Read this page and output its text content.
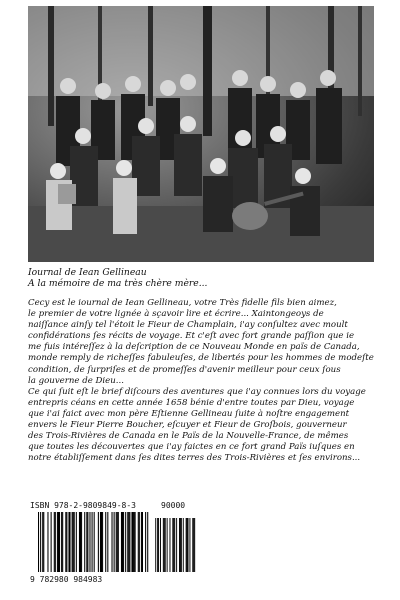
Iournal de Iean Gellineau
A la mémoire de ma très chère mère...

Cecy est le iournal de Iean Gellineau, votre Très fidelle fils bien aimez,
le premier de votre lignée à sçavoir lire et écrire... Xaintongeoys de
naiſſance ainſy tel l'étoit le Fieur de Champlain, i'ay conſultez avec moult
confidérations ſes récits de voyage. Et c'eſt avec fort grande paſſion que ie
me fuis intéreſſez à la deſcription de ce Nouveau Monde en païs de Canada,
monde remply de richeſſes fabuleuſes, de libertés pour les hommes de modeſte
condition, de ſurpriſes et de promeſſes d'avenir meilleur pour ceux ſous
la gouverne de Dieu...
Ce qui ſuit eſt le brief diſcours des aventures que i'ay connues lors du voyage
entrepris céans en cette année 1658 bénie d'entre toutes par Dieu, voyage
que i'ai faict avec mon père Eſtienne Gellineau ſuite à noſtre engagement
envers le Fieur Pierre Boucher, eſcuyer et Fieur de Groſbois, gouverneur
des Trois-Rivières de Canada en le Païs de la Nouvelle-France, de mêmes
que toutes les découvertes que i'ay faictes en ce fort grand Païs iuſques en
notre établiſſement dans ſes dites terres des Trois-Rivières et ſes environs...

ISBN 978-2-9809849-8-3	90000
9 782980 984983
